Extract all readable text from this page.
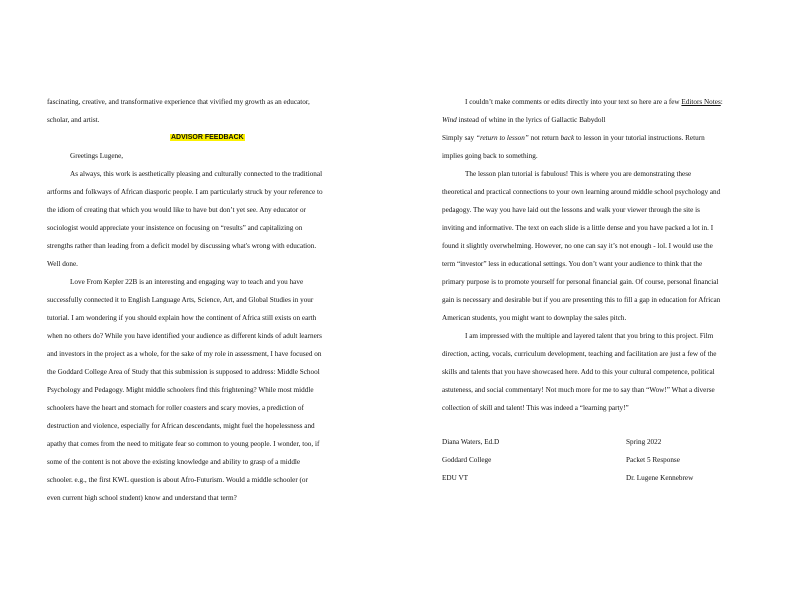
fascinating, creative, and transformative experience that vivified my growth as an educator,
scholar, and artist.
ADVISOR FEEDBACK
Greetings Lugene,
As always, this work is aesthetically pleasing and culturally connected to the traditional
artforms and folkways of African diasporic people. I am particularly struck by your reference to
the idiom of creating that which you would like to have but don’t yet see. Any educator or
sociologist would appreciate your insistence on focusing on “results” and capitalizing on
strengths rather than leading from a deficit model by discussing what's wrong with education.
Well done.
Love From Kepler 22B is an interesting and engaging way to teach and you have
successfully connected it to English Language Arts, Science, Art, and Global Studies in your
tutorial. I am wondering if you should explain how the continent of Africa still exists on earth
when no others do? While you have identified your audience as different kinds of adult learners
and investors in the project as a whole, for the sake of my role in assessment, I have focused on
the Goddard College Area of Study that this submission is supposed to address: Middle School
Psychology and Pedagogy. Might middle schoolers find this frightening? While most middle
schoolers have the heart and stomach for roller coasters and scary movies, a prediction of
destruction and violence, especially for African descendants, might fuel the hopelessness and
apathy that comes from the need to mitigate fear so common to young people. I wonder, too, if
some of the content is not above the existing knowledge and ability to grasp of a middle
schooler. e.g., the first KWL question is about Afro-Futurism. Would a middle schooler (or
even current high school student) know and understand that term?
I couldn’t make comments or edits directly into your text so here are a few Editors Notes:
Wind instead of whine in the lyrics of Gallactic Babydoll
Simply say “return to lesson” not return back to lesson in your tutorial instructions. Return
implies going back to something.
The lesson plan tutorial is fabulous! This is where you are demonstrating these
theoretical and practical connections to your own learning around middle school psychology and
pedagogy. The way you have laid out the lessons and walk your viewer through the site is
inviting and informative. The text on each slide is a little dense and you have packed a lot in. I
found it slightly overwhelming. However, no one can say it’s not enough - lol. I would use the
term “investor” less in educational settings. You don’t want your audience to think that the
primary purpose is to promote yourself for personal financial gain. Of course, personal financial
gain is necessary and desirable but if you are presenting this to fill a gap in education for African
American students, you might want to downplay the sales pitch.
I am impressed with the multiple and layered talent that you bring to this project. Film
direction, acting, vocals, curriculum development, teaching and facilitation are just a few of the
skills and talents that you have showcased here. Add to this your cultural competence, political
astuteness, and social commentary! Not much more for me to say than “Wow!” What a diverse
collection of skill and talent! This was indeed a “learning party!”
Diana Waters, Ed.D
Goddard College
EDU VT
Spring 2022
Packet 5 Response
Dr. Lugene Kennebrew
